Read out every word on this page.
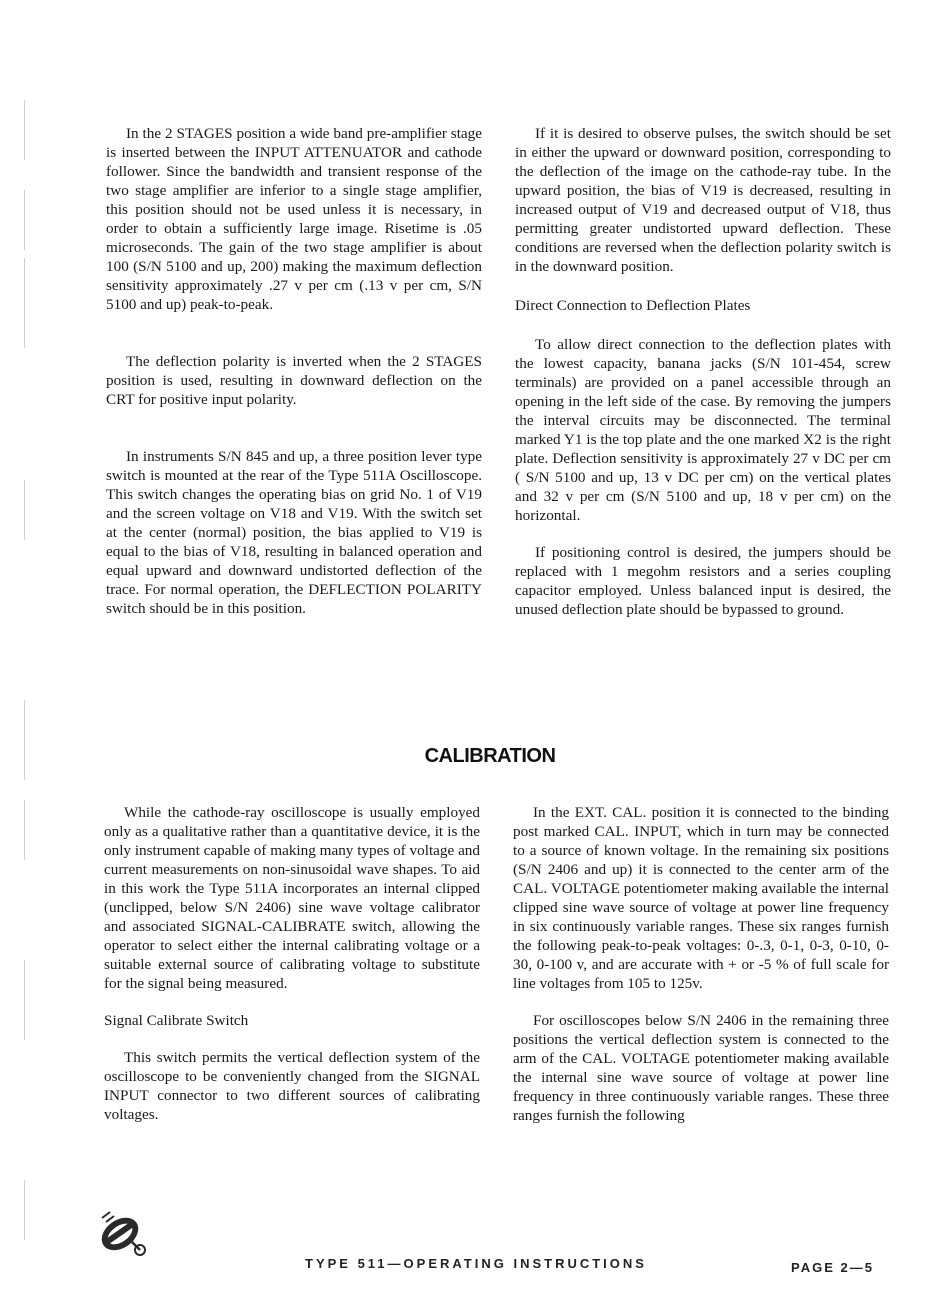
In the 2 STAGES position a wide band pre-amplifier stage is inserted between the INPUT ATTENUATOR and cathode follower. Since the bandwidth and transient response of the two stage amplifier are inferior to a single stage amplifier, this position should not be used unless it is necessary, in order to obtain a sufficiently large image. Risetime is .05 microseconds. The gain of the two stage amplifier is about 100 (S/N 5100 and up, 200) making the maximum deflection sensitivity approximately .27 v per cm (.13 v per cm, S/N 5100 and up) peak-to-peak.

The deflection polarity is inverted when the 2 STAGES position is used, resulting in downward deflection on the CRT for positive input polarity.

In instruments S/N 845 and up, a three position lever type switch is mounted at the rear of the Type 511A Oscilloscope. This switch changes the operating bias on grid No. 1 of V19 and the screen voltage on V18 and V19. With the switch set at the center (normal) position, the bias applied to V19 is equal to the bias of V18, resulting in balanced operation and equal upward and downward undistorted deflection of the trace. For normal operation, the DEFLECTION POLARITY switch should be in this position.

If it is desired to observe pulses, the switch should be set in either the upward or downward position, corresponding to the deflection of the image on the cathode-ray tube. In the upward position, the bias of V19 is decreased, resulting in increased output of V19 and decreased output of V18, thus permitting greater undistorted upward deflection. These conditions are reversed when the deflection polarity switch is in the downward position.

Direct Connection to Deflection Plates

To allow direct connection to the deflection plates with the lowest capacity, banana jacks (S/N 101-454, screw terminals) are provided on a panel accessible through an opening in the left side of the case. By removing the jumpers the interval circuits may be disconnected. The terminal marked Y1 is the top plate and the one marked X2 is the right plate. Deflection sensitivity is approximately 27 v DC per cm ( S/N 5100 and up, 13 v DC per cm) on the vertical plates and 32 v per cm (S/N 5100 and up, 18 v per cm) on the horizontal.

If positioning control is desired, the jumpers should be replaced with 1 megohm resistors and a series coupling capacitor employed. Unless balanced input is desired, the unused deflection plate should be bypassed to ground.

CALIBRATION

While the cathode-ray oscilloscope is usually employed only as a qualitative rather than a quantitative device, it is the only instrument capable of making many types of voltage and current measurements on non-sinusoidal wave shapes. To aid in this work the Type 511A incorporates an internal clipped (unclipped, below S/N 2406) sine wave voltage calibrator and associated SIGNAL-CALIBRATE switch, allowing the operator to select either the internal calibrating voltage or a suitable external source of calibrating voltage to substitute for the signal being measured.

Signal Calibrate Switch

This switch permits the vertical deflection system of the oscilloscope to be conveniently changed from the SIGNAL INPUT connector to two different sources of calibrating voltages.

In the EXT. CAL. position it is connected to the binding post marked CAL. INPUT, which in turn may be connected to a source of known voltage. In the remaining six positions (S/N 2406 and up) it is connected to the center arm of the CAL. VOLTAGE potentiometer making available the internal clipped sine wave source of voltage at power line frequency in six continuously variable ranges. These six ranges furnish the following peak-to-peak voltages: 0-.3, 0-1, 0-3, 0-10, 0-30, 0-100 v, and are accurate with + or -5 % of full scale for line voltages from 105 to 125v.

For oscilloscopes below S/N 2406 in the remaining three positions the vertical deflection system is connected to the arm of the CAL. VOLTAGE potentiometer making available the internal sine wave source of voltage at power line frequency in three continuously variable ranges. These three ranges furnish the following

TYPE 511—OPERATING INSTRUCTIONS	PAGE 2—5
